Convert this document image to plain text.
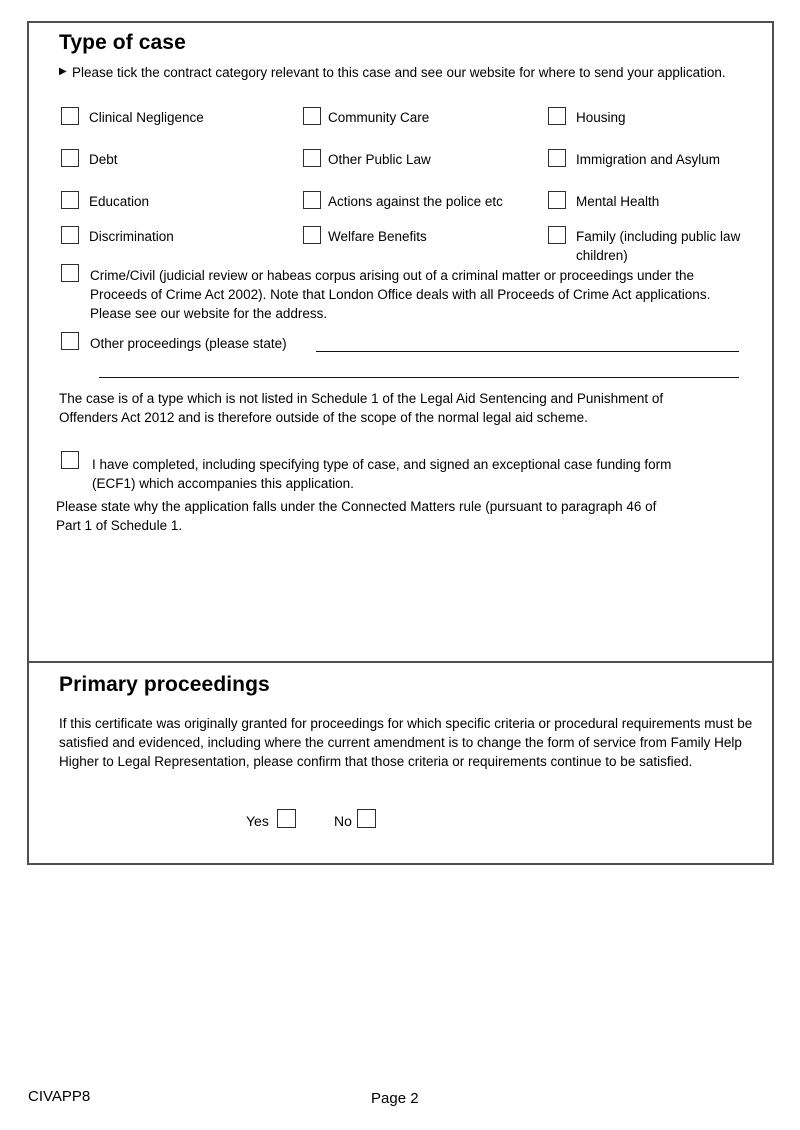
Type of case
▶ Please tick the contract category relevant to this case and see our website for where to send your application.
Clinical Negligence	Community Care	Housing
Debt	Other Public Law	Immigration and Asylum
Education	Actions against the police etc	Mental Health
Discrimination	Welfare Benefits	Family (including public law children)
Crime/Civil (judicial review or habeas corpus arising out of a criminal matter or proceedings under the Proceeds of Crime Act 2002). Note that London Office deals with all Proceeds of Crime Act applications. Please see our website for the address.
Other proceedings (please state)
The case is of a type which is not listed in Schedule 1 of the Legal Aid Sentencing and Punishment of Offenders Act 2012 and is therefore outside of the scope of the normal legal aid scheme.
I have completed, including specifying type of case, and signed an exceptional case funding form (ECF1) which accompanies this application.
Please state why the application falls under the Connected Matters rule (pursuant to paragraph 46 of Part 1 of Schedule 1.
Primary proceedings
If this certificate was originally granted for proceedings for which specific criteria or procedural requirements must be satisfied and evidenced, including where the current amendment is to change the form of service from Family Help Higher to Legal Representation, please confirm that those criteria or requirements continue to be satisfied.
Yes	No
CIVAPP8	Page 2
